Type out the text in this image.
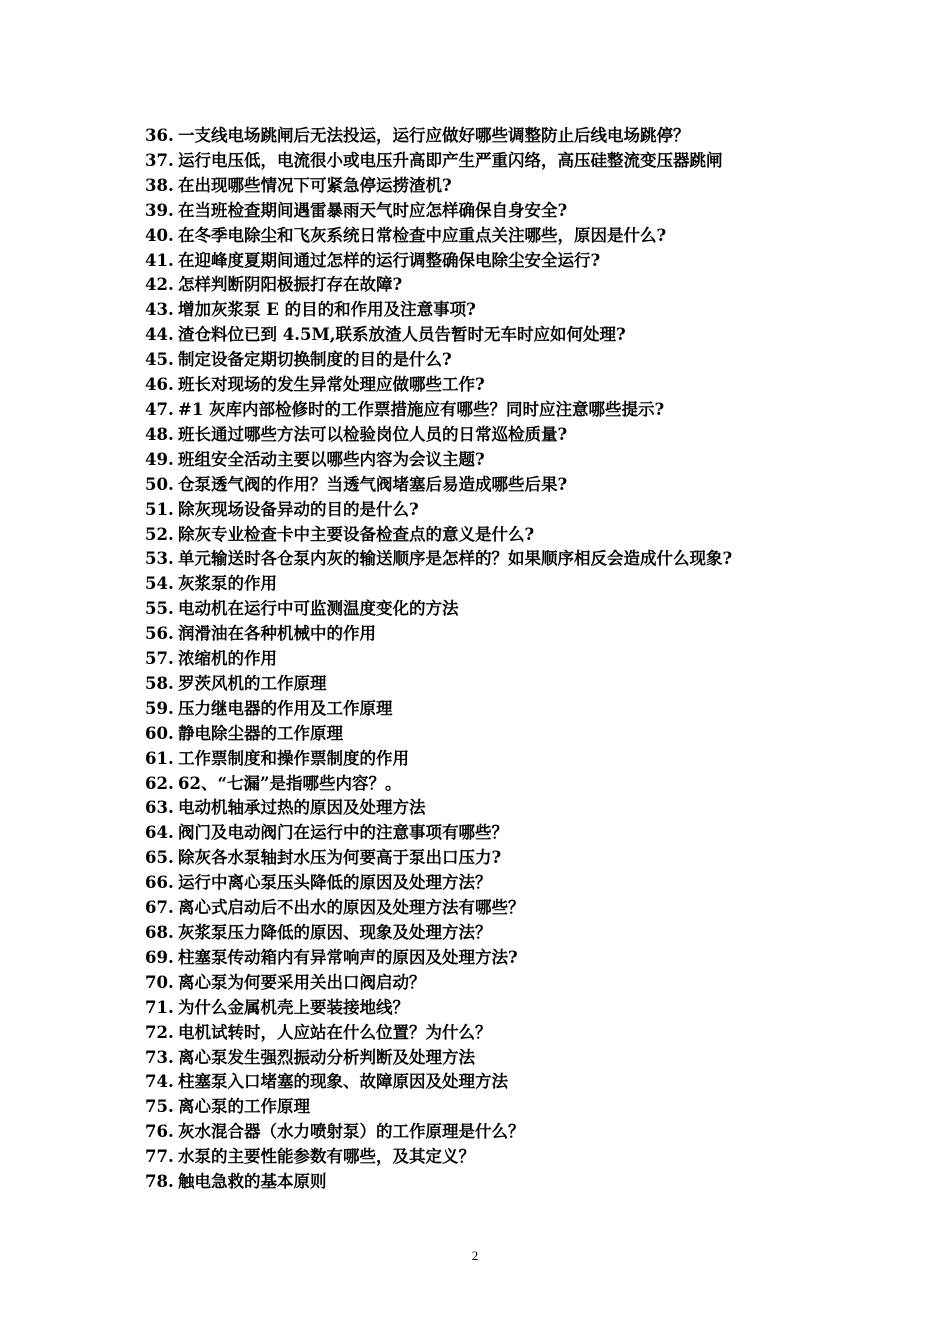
36. 一支线电场跳闸后无法投运，运行应做好哪些调整防止后线电场跳停？
37. 运行电压低，电流很小或电压升高即产生严重闪络，高压硅整流变压器跳闸
38. 在出现哪些情况下可紧急停运捞渣机?
39. 在当班检查期间遇雷暴雨天气时应怎样确保自身安全?
40. 在冬季电除尘和飞灰系统日常检查中应重点关注哪些，原因是什么?
41. 在迎峰度夏期间通过怎样的运行调整确保电除尘安全运行?
42. 怎样判断阴阳极振打存在故障?
43. 增加灰浆泵 E 的目的和作用及注意事项?
44. 渣仓料位已到 4.5M,联系放渣人员告暂时无车时应如何处理?
45. 制定设备定期切换制度的目的是什么?
46. 班长对现场的发生异常处理应做哪些工作?
47. #1 灰库内部检修时的工作票措施应有哪些？同时应注意哪些提示?
48. 班长通过哪些方法可以检验岗位人员的日常巡检质量?
49. 班组安全活动主要以哪些内容为会议主题?
50. 仓泵透气阀的作用？当透气阀堵塞后易造成哪些后果?
51. 除灰现场设备异动的目的是什么?
52. 除灰专业检查卡中主要设备检查点的意义是什么?
53. 单元输送时各仓泵内灰的输送顺序是怎样的？如果顺序相反会造成什么现象?
54. 灰浆泵的作用
55. 电动机在运行中可监测温度变化的方法
56. 润滑油在各种机械中的作用
57. 浓缩机的作用
58. 罗茨风机的工作原理
59. 压力继电器的作用及工作原理
60. 静电除尘器的工作原理
61. 工作票制度和操作票制度的作用
62. 62、“七漏”是指哪些内容？。
63. 电动机轴承过热的原因及处理方法
64. 阀门及电动阀门在运行中的注意事项有哪些？
65. 除灰各水泵轴封水压为何要高于泵出口压力?
66. 运行中离心泵压头降低的原因及处理方法？
67. 离心式启动后不出水的原因及处理方法有哪些？
68. 灰浆泵压力降低的原因、现象及处理方法？
69. 柱塞泵传动箱内有异常响声的原因及处理方法?
70. 离心泵为何要采用关出口阀启动？
71. 为什么金属机壳上要装接地线？
72. 电机试转时，人应站在什么位置？为什么？
73. 离心泵发生强烈振动分析判断及处理方法
74. 柱塞泵入口堵塞的现象、故障原因及处理方法
75. 离心泵的工作原理
76. 灰水混合器（水力喷射泵）的工作原理是什么？
77. 水泵的主要性能参数有哪些，及其定义？
78. 触电急救的基本原则
2
